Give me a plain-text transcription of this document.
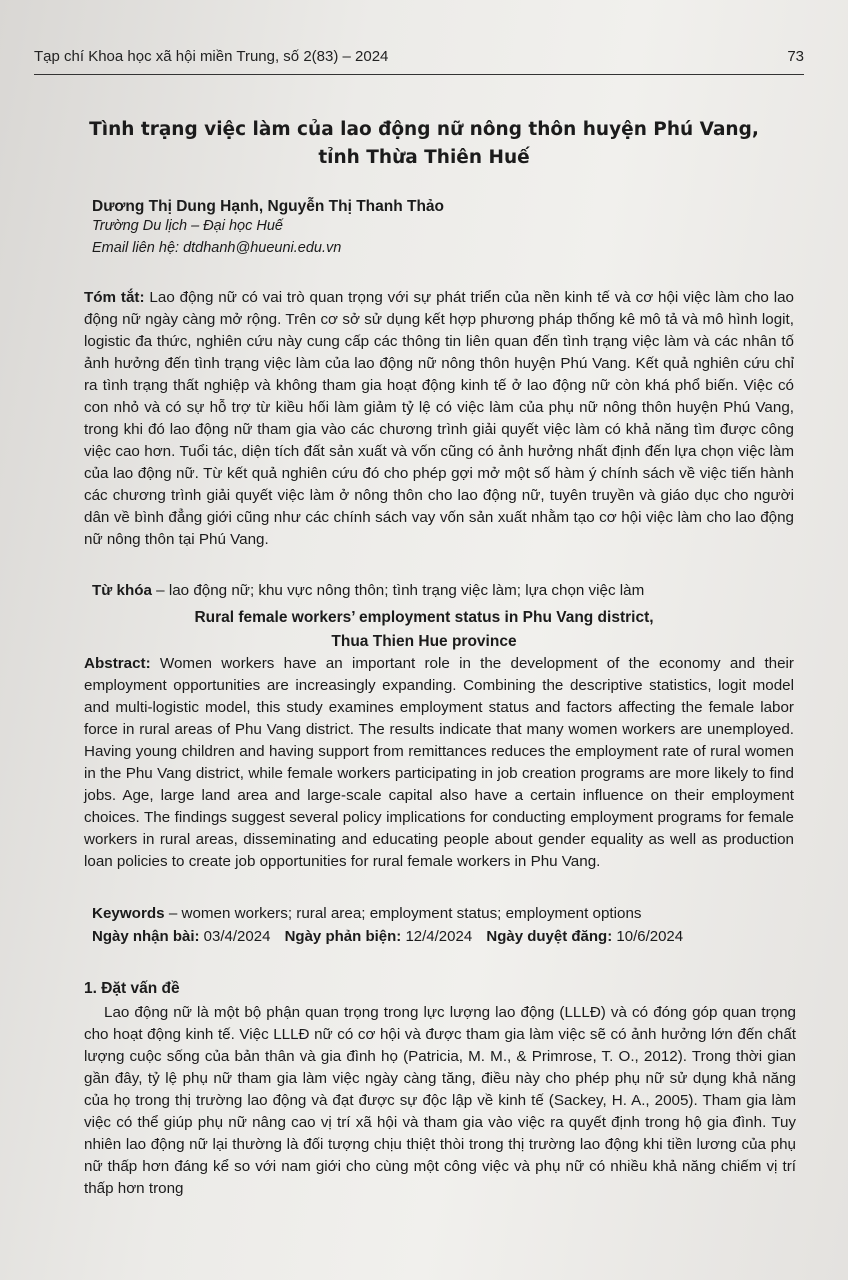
Tạp chí Khoa học xã hội miền Trung, số 2(83) – 2024	73
Tình trạng việc làm của lao động nữ nông thôn huyện Phú Vang,
tỉnh Thừa Thiên Huế
Dương Thị Dung Hạnh, Nguyễn Thị Thanh Thảo
Trường Du lịch – Đại học Huế
Email liên hệ: dtdhanh@hueuni.edu.vn
Tóm tắt: Lao động nữ có vai trò quan trọng với sự phát triển của nền kinh tế và cơ hội việc làm cho lao động nữ ngày càng mở rộng. Trên cơ sở sử dụng kết hợp phương pháp thống kê mô tả và mô hình logit, logistic đa thức, nghiên cứu này cung cấp các thông tin liên quan đến tình trạng việc làm và các nhân tố ảnh hưởng đến tình trạng việc làm của lao động nữ nông thôn huyện Phú Vang. Kết quả nghiên cứu chỉ ra tình trạng thất nghiệp và không tham gia hoạt động kinh tế ở lao động nữ còn khá phổ biến. Việc có con nhỏ và có sự hỗ trợ từ kiều hối làm giảm tỷ lệ có việc làm của phụ nữ nông thôn huyện Phú Vang, trong khi đó lao động nữ tham gia vào các chương trình giải quyết việc làm có khả năng tìm được công việc cao hơn. Tuổi tác, diện tích đất sản xuất và vốn cũng có ảnh hưởng nhất định đến lựa chọn việc làm của lao động nữ. Từ kết quả nghiên cứu đó cho phép gợi mở một số hàm ý chính sách về việc tiến hành các chương trình giải quyết việc làm ở nông thôn cho lao động nữ, tuyên truyền và giáo dục cho người dân về bình đẳng giới cũng như các chính sách vay vốn sản xuất nhằm tạo cơ hội việc làm cho lao động nữ nông thôn tại Phú Vang.
Từ khóa – lao động nữ; khu vực nông thôn; tình trạng việc làm; lựa chọn việc làm
Rural female workers’ employment status in Phu Vang district,
Thua Thien Hue province
Abstract: Women workers have an important role in the development of the economy and their employment opportunities are increasingly expanding. Combining the descriptive statistics, logit model and multi-logistic model, this study examines employment status and factors affecting the female labor force in rural areas of Phu Vang district. The results indicate that many women workers are unemployed. Having young children and having support from remittances reduces the employment rate of rural women in the Phu Vang district, while female workers participating in job creation programs are more likely to find jobs. Age, large land area and large-scale capital also have a certain influence on their employment choices. The findings suggest several policy implications for conducting employment programs for female workers in rural areas, disseminating and educating people about gender equality as well as production loan policies to create job opportunities for rural female workers in Phu Vang.
Keywords – women workers; rural area; employment status; employment options
Ngày nhận bài: 03/4/2024 Ngày phản biện: 12/4/2024 Ngày duyệt đăng: 10/6/2024
1. Đặt vấn đề
Lao động nữ là một bộ phận quan trọng trong lực lượng lao động (LLLĐ) và có đóng góp quan trọng cho hoạt động kinh tế. Việc LLLĐ nữ có cơ hội và được tham gia làm việc sẽ có ảnh hưởng lớn đến chất lượng cuộc sống của bản thân và gia đình họ (Patricia, M. M., & Primrose, T. O., 2012). Trong thời gian gần đây, tỷ lệ phụ nữ tham gia làm việc ngày càng tăng, điều này cho phép phụ nữ sử dụng khả năng của họ trong thị trường lao động và đạt được sự độc lập về kinh tế (Sackey, H. A., 2005). Tham gia làm việc có thể giúp phụ nữ nâng cao vị trí xã hội và tham gia vào việc ra quyết định trong hộ gia đình. Tuy nhiên lao động nữ lại thường là đối tượng chịu thiệt thòi trong thị trường lao động khi tiền lương của phụ nữ thấp hơn đáng kể so với nam giới cho cùng một công việc và phụ nữ có nhiều khả năng chiếm vị trí thấp hơn trong
